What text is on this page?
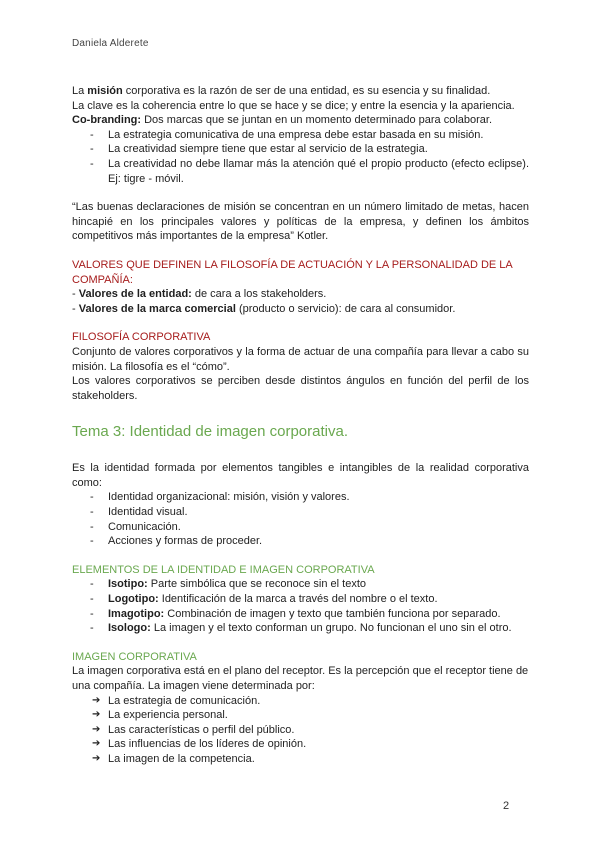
Daniela Alderete

La misión corporativa es la razón de ser de una entidad, es su esencia y su finalidad.

La clave es la coherencia entre lo que se hace y se dice; y entre la esencia y la apariencia.

Co-branding: Dos marcas que se juntan en un momento determinado para colaborar.

- La estrategia comunicativa de una empresa debe estar basada en su misión.
- La creatividad siempre tiene que estar al servicio de la estrategia.
- La creatividad no debe llamar más la atención qué el propio producto (efecto eclipse). Ej: tigre - móvil.

“Las buenas declaraciones de misión se concentran en un número limitado de metas, hacen hincapié en los principales valores y políticas de la empresa, y definen los ámbitos competitivos más importantes de la empresa” Kotler.

VALORES QUE DEFINEN LA FILOSOFÍA DE ACTUACIÓN Y LA PERSONALIDAD DE LA COMPAÑÍA:

- Valores de la entidad: de cara a los stakeholders.

- Valores de la marca comercial (producto o servicio): de cara al consumidor.

FILOSOFÍA CORPORATIVA

Conjunto de valores corporativos y la forma de actuar de una compañía para llevar a cabo su misión. La filosofía es el “cómo”.

Los valores corporativos se perciben desde distintos ángulos en función del perfil de los stakeholders.

Tema 3: Identidad de imagen corporativa.

Es la identidad formada por elementos tangibles e intangibles de la realidad corporativa como:

- Identidad organizacional: misión, visión y valores.
- Identidad visual.
- Comunicación.
- Acciones y formas de proceder.

ELEMENTOS DE LA IDENTIDAD E IMAGEN CORPORATIVA

- Isotipo: Parte simbólica que se reconoce sin el texto
- Logotipo: Identificación de la marca a través del nombre o el texto.
- Imagotipo: Combinación de imagen y texto que también funciona por separado.
- Isologo: La imagen y el texto conforman un grupo. No funcionan el uno sin el otro.

IMAGEN CORPORATIVA

La imagen corporativa está en el plano del receptor. Es la percepción que el receptor tiene de una compañía. La imagen viene determinada por:

➔ La estrategia de comunicación.
➔ La experiencia personal.
➔ Las características o perfil del público.
➔ Las influencias de los líderes de opinión.
➔ La imagen de la competencia.
2
